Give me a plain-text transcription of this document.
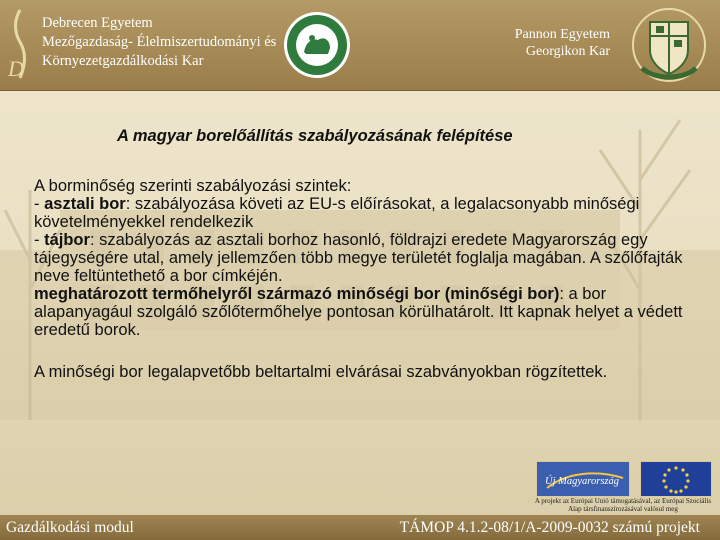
D
Debrecen Egyetem
Mezőgazdaság- Élelmiszertudományi és
Környezetgazdálkodási Kar
Pannon Egyetem
Georgikon Kar
A magyar borelőállítás szabályozásának felépítése

A borminőség szerinti szabályozási szintek:

- asztali bor: szabályozása követi az EU-s előírásokat, a legalacsonyabb minőségi követelményekkel rendelkezik

- tájbor: szabályozás az asztali borhoz hasonló, földrajzi eredete Magyarország egy tájegységére utal, amely jellemzően több megye területét foglalja magában. A szőlőfajták neve feltüntethető a bor címkéjén.

meghatározott termőhelyről származó minőségi bor (minőségi bor): a bor alapanyagául szolgáló szőlőtermőhelye pontosan körülhatárolt. Itt kapnak helyet a védett eredetű borok.

A minőségi bor legalapvetőbb beltartalmi elvárásai szabványokban rögzítettek.

Új Magyarország
A projekt az Európai Unió támogatásával, az Európai Szociális Alap társfinanszírozásával valósul meg
Gazdálkodási modul	TÁMOP 4.1.2-08/1/A-2009-0032 számú projekt
